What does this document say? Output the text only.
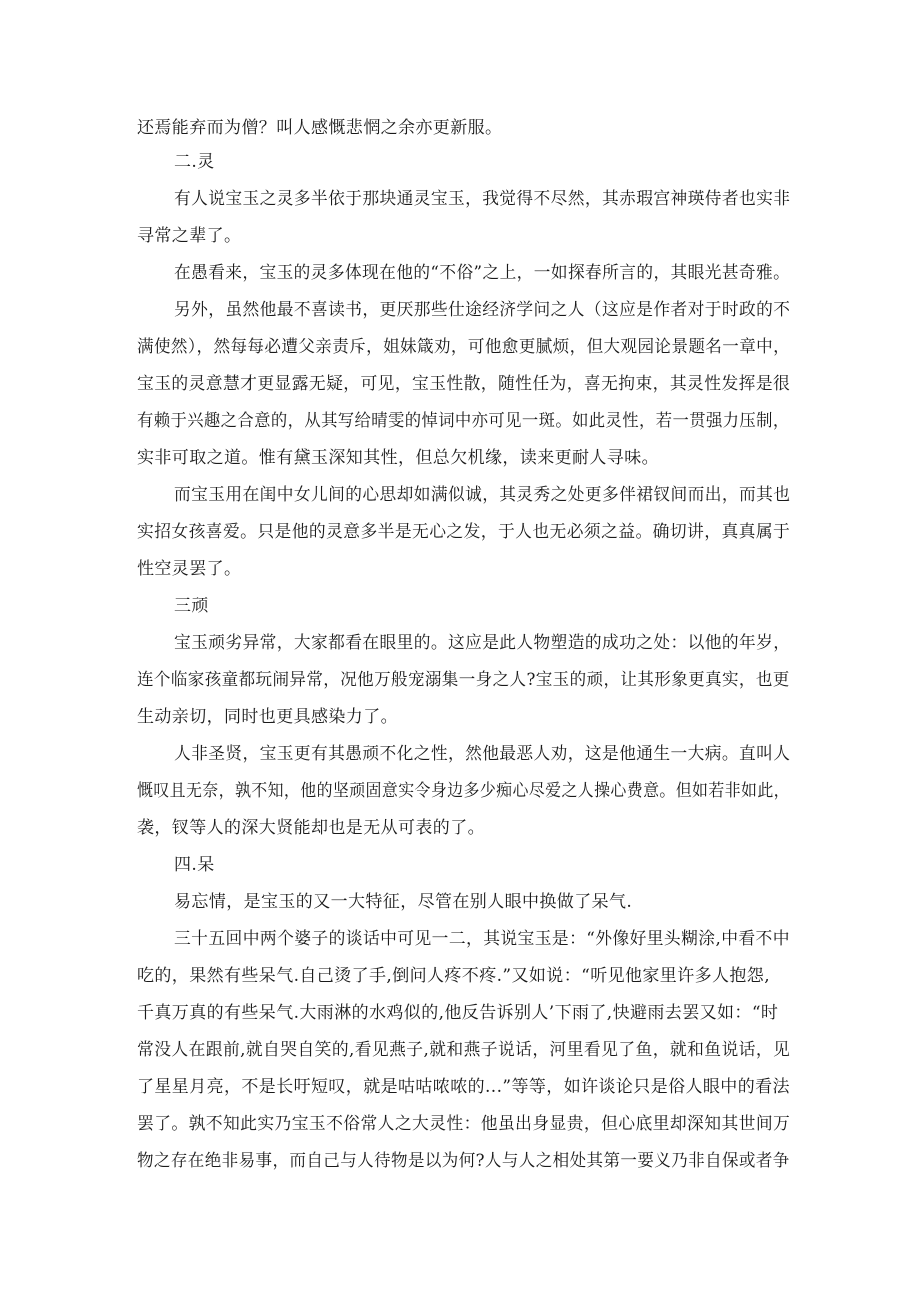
还焉能弃而为僧？叫人感慨悲惘之余亦更新服。
二.灵
有人说宝玉之灵多半依于那块通灵宝玉，我觉得不尽然，其赤瑕宫神瑛侍者也实非
寻常之辈了。
在愚看来，宝玉的灵多体现在他的“不俗”之上，一如探春所言的，其眼光甚奇雅。
另外，虽然他最不喜读书，更厌那些仕途经济学问之人（这应是作者对于时政的不
满使然），然每每必遭父亲责斥，姐妹箴劝，可他愈更腻烦，但大观园论景题名一章中，
宝玉的灵意慧才更显露无疑，可见，宝玉性散，随性任为，喜无拘束，其灵性发挥是很
有赖于兴趣之合意的，从其写给晴雯的悼词中亦可见一斑。如此灵性，若一贯强力压制，
实非可取之道。惟有黛玉深知其性，但总欠机缘，读来更耐人寻味。
而宝玉用在闺中女儿间的心思却如满似诚，其灵秀之处更多伴裙钗间而出，而其也
实招女孩喜爱。只是他的灵意多半是无心之发，于人也无必须之益。确切讲，真真属于
性空灵罢了。
三顽
宝玉顽劣异常，大家都看在眼里的。这应是此人物塑造的成功之处：以他的年岁，
连个临家孩童都玩闹异常，况他万般宠溺集一身之人?宝玉的顽，让其形象更真实，也更
生动亲切，同时也更具感染力了。
人非圣贤，宝玉更有其愚顽不化之性，然他最恶人劝，这是他通生一大病。直叫人
慨叹且无奈，孰不知，他的坚顽固意实令身边多少痴心尽爱之人操心费意。但如若非如此，
袭，钗等人的深大贤能却也是无从可表的了。
四.呆
易忘情，是宝玉的又一大特征，尽管在别人眼中换做了呆气.
三十五回中两个婆子的谈话中可见一二，其说宝玉是：“外像好里头糊涂,中看不中
吃的，果然有些呆气.自己烫了手,倒问人疼不疼.”又如说：“听见他家里许多人抱怨,
千真万真的有些呆气.大雨淋的水鸡似的,他反告诉别人’下雨了,快避雨去罢又如：“时
常没人在跟前,就自哭自笑的,看见燕子,就和燕子说话，河里看见了鱼，就和鱼说话，见
了星星月亮，不是长吁短叹，就是咕咕哝哝的...”等等，如许谈论只是俗人眼中的看法
罢了。孰不知此实乃宝玉不俗常人之大灵性：他虽出身显贵，但心底里却深知其世间万
物之存在绝非易事，而自己与人待物是以为何?人与人之相处其第一要义乃非自保或者争
